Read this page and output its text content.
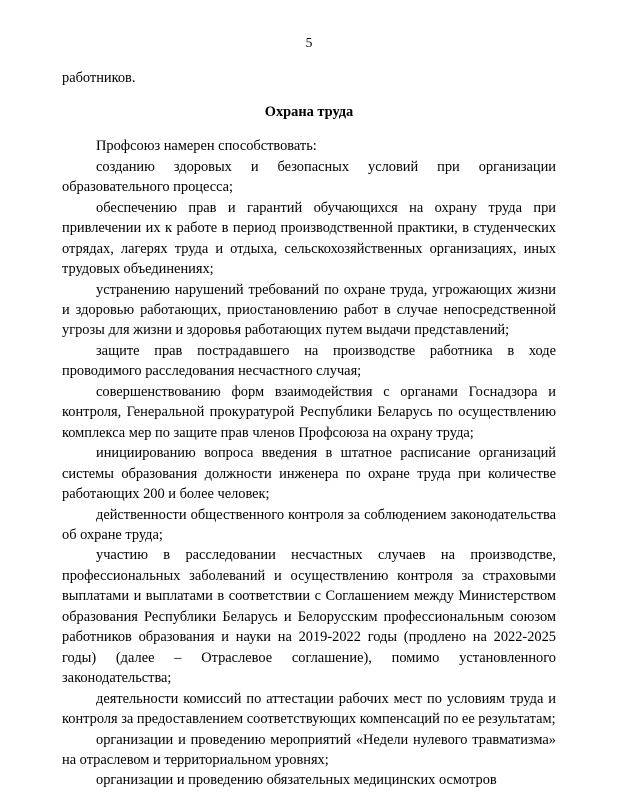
5

работников.

Охрана труда

Профсоюз намерен способствовать:

созданию здоровых и безопасных условий при организации образовательного процесса;

обеспечению прав и гарантий обучающихся на охрану труда при привлечении их к работе в период производственной практики, в студенческих отрядах, лагерях труда и отдыха, сельскохозяйственных организациях, иных трудовых объединениях;

устранению нарушений требований по охране труда, угрожающих жизни и здоровью работающих, приостановлению работ в случае непосредственной угрозы для жизни и здоровья работающих путем выдачи представлений;

защите прав пострадавшего на производстве работника в ходе проводимого расследования несчастного случая;

совершенствованию форм взаимодействия с органами Госнадзора и контроля, Генеральной прокуратурой Республики Беларусь по осуществлению комплекса мер по защите прав членов Профсоюза на охрану труда;

инициированию вопроса введения в штатное расписание организаций системы образования должности инженера по охране труда при количестве работающих 200 и более человек;

действенности общественного контроля за соблюдением законодательства об охране труда;

участию в расследовании несчастных случаев на производстве, профессиональных заболеваний и осуществлению контроля за страховыми выплатами и выплатами в соответствии с Соглашением между Министерством образования Республики Беларусь и Белорусским профессиональным союзом работников образования и науки на 2019-2022 годы (продлено на 2022-2025 годы) (далее – Отраслевое соглашение), помимо установленного законодательства;

деятельности комиссий по аттестации рабочих мест по условиям труда и контроля за предоставлением соответствующих компенсаций по ее результатам;

организации и проведению мероприятий «Недели нулевого травматизма» на отраслевом и территориальном уровнях;

организации и проведению обязательных медицинских осмотров
